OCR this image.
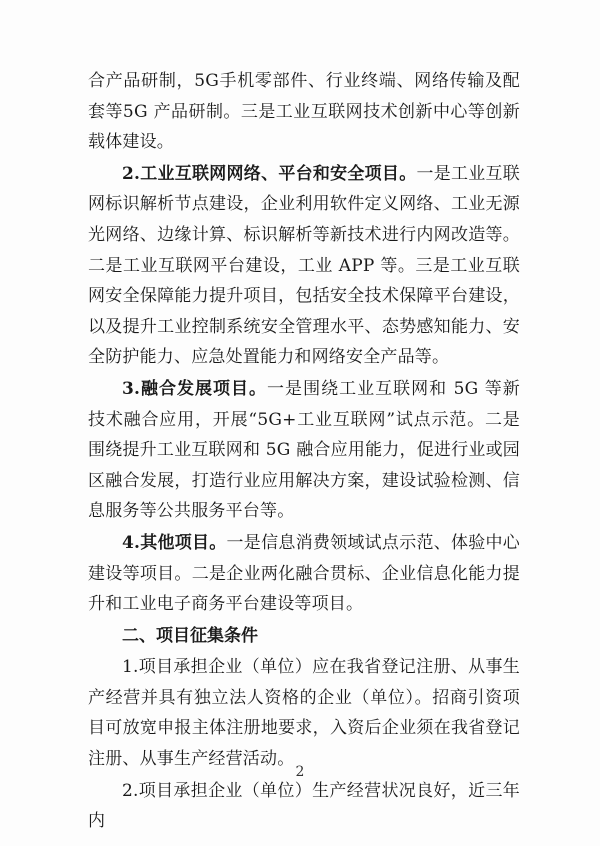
合产品研制，5G手机零部件、行业终端、网络传输及配套等5G 产品研制。三是工业互联网技术创新中心等创新载体建设。

2.工业互联网网络、平台和安全项目。一是工业互联网标识解析节点建设，企业利用软件定义网络、工业无源光网络、边缘计算、标识解析等新技术进行内网改造等。二是工业互联网平台建设，工业 APP 等。三是工业互联网安全保障能力提升项目，包括安全技术保障平台建设，以及提升工业控制系统安全管理水平、态势感知能力、安全防护能力、应急处置能力和网络安全产品等。

3.融合发展项目。一是围绕工业互联网和 5G 等新技术融合应用，开展“5G+工业互联网”试点示范。二是围绕提升工业互联网和 5G 融合应用能力，促进行业或园区融合发展，打造行业应用解决方案，建设试验检测、信息服务等公共服务平台等。

4.其他项目。一是信息消费领域试点示范、体验中心建设等项目。二是企业两化融合贯标、企业信息化能力提升和工业电子商务平台建设等项目。

二、项目征集条件

1.项目承担企业（单位）应在我省登记注册、从事生产经营并具有独立法人资格的企业（单位）。招商引资项目可放宽申报主体注册地要求，入资后企业须在我省登记注册、从事生产经营活动。

2.项目承担企业（单位）生产经营状况良好，近三年内

2
